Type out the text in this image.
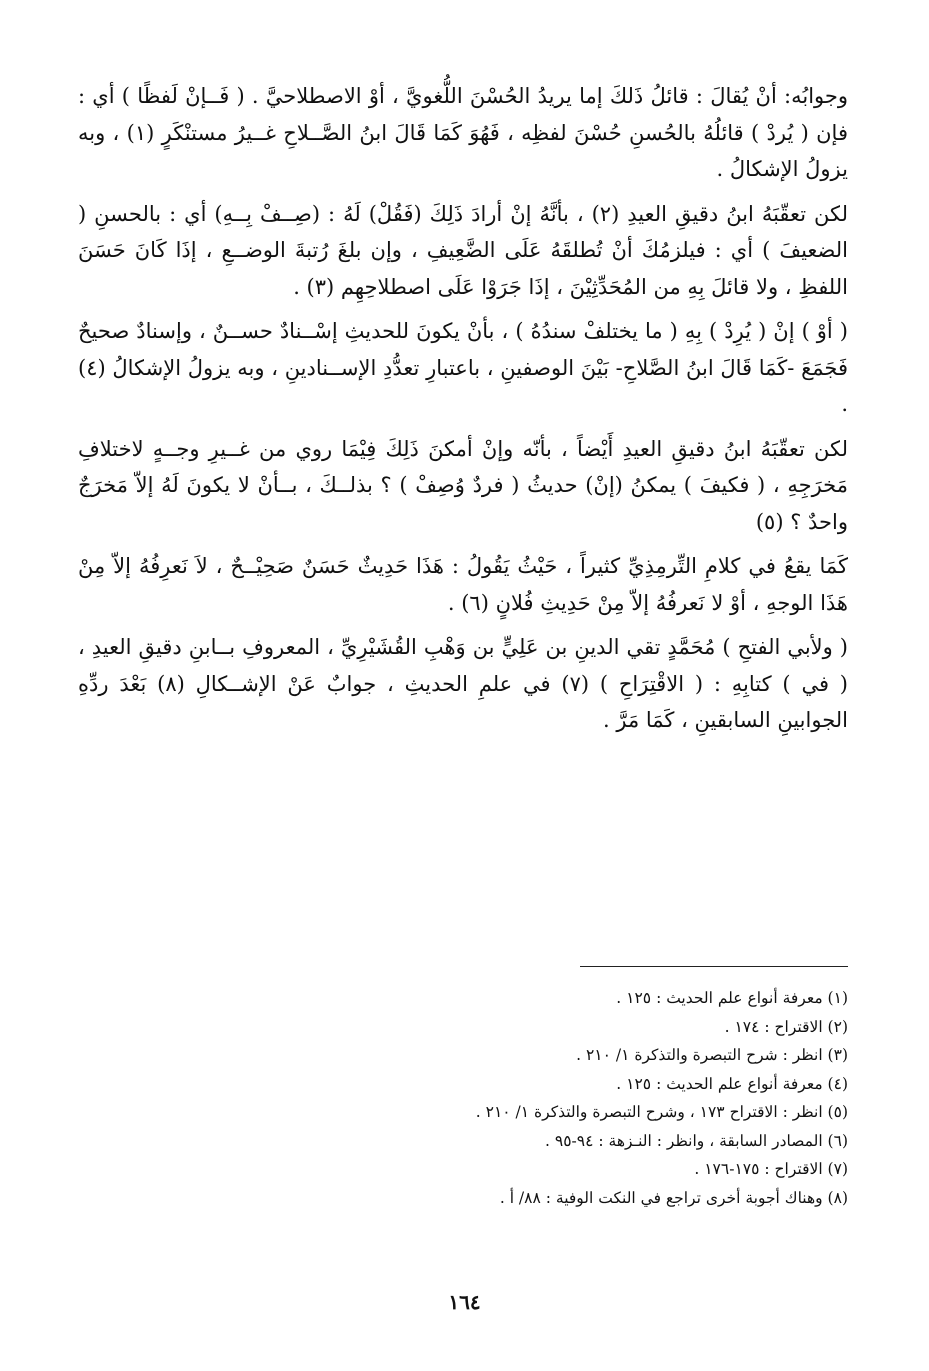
وجوابُه: أنْ يُقالَ : قائلُ ذَلكَ إما يريدُ الحُسْنَ اللُّغويَّ ، أوْ الاصطلاحيَّ . ( فَــإنْ لَفظًا ) أي : فإن ( يُردْ ) قائلُهُ بالحُسنِ حُسْنَ لفظِه ، فَهُوَ كَمَا قَالَ ابنُ الصَّــلاحِ غــيرُ مستنْكَرٍ (١) ، وبه يزولُ الإشكالُ .

لكن تعقّبَهُ ابنُ دقيقِ العيدِ (٢) ، بأنَّهُ إنْ أرادَ ذَلِكَ (فَقُلْ) لَهُ : (صِــفْ بِــهِ) أي : بالحسنِ ( الضعيفَ ) أي : فيلزمُكَ أنْ تُطلقَهُ عَلَى الضَّعِيفِ ، وإن بلغَ رُتبةَ الوضــعِ ، إذَا كَانَ حَسَنَ اللفظِ ، ولا قائلَ بِهِ من المُحَدِّثِيْنَ ، إذَا جَرَوْا عَلَى اصطلاحِهِم (٣) .

( أوْ ) إنْ ( يُرِدْ ) بِهِ ( ما يختلفْ سندُهُ ) ، بأنْ يكونَ للحديثِ إسْــنادٌ حســنٌ ، وإسنادٌ صحيحٌ فَجَمَعَ -كَمَا قَالَ ابنُ الصَّلاحِ- بَيْنَ الوصفينِ ، باعتبارِ تعدُّدِ الإســنادينِ ، وبه يزولُ الإشكالُ (٤) .

لكن تعقّبَهُ ابنُ دقيقِ العيدِ أَيْضاً ، بأنّه وإنْ أمكنَ ذَلِكَ فِيْمَا روي من غــيرِ وجــهٍ لاختلافِ مَخرَجِهِ ، ( فكيفَ ) يمكنُ (إنْ) حديثُ ( فردٌ وُصِفْ ) ؟ بذلــكَ ، بــأنْ لا يكونَ لَهُ إلاّ مَخرَجٌ واحدٌ ؟ (٥)

كَمَا يقعُ في كلامِ التِّرمِذِيِّ كثيراً ، حَيْثُ يَقُولُ : هَذَا حَدِيثٌ حَسَنٌ صَحِيْــحٌ ، لاَ نَعرِفُهُ إلاّ مِنْ هَذَا الوجهِ ، أوْ لا نَعرفُهُ إلاّ مِنْ حَدِيثِ فُلانٍ (٦) .

( ولأبي الفتحِ ) مُحَمَّدٍ تقي الدينِ بن عَلِيٍّ بن وَهْبِ القُشَيْرِيِّ ، المعروفِ بــابنِ دقيقِ العيدِ ، ( في ) كتابِهِ : ( الاقْتِرَاحِ ) (٧) في علمِ الحديثِ ، جوابٌ عَنْ الإشــكالِ (٨) بَعْدَ ردِّهِ الجوابينِ السابقينِ ، كَمَا مَرَّ .

(١) معرفة أنواع علم الحديث : ١٢٥ .
(٢) الاقتراح : ١٧٤ .
(٣) انظر : شرح التبصرة والتذكرة ١/ ٢١٠ .
(٤) معرفة أنواع علم الحديث : ١٢٥ .
(٥) انظر : الاقتراح ١٧٣ ، وشرح التبصرة والتذكرة ١/ ٢١٠ .
(٦) المصادر السابقة ، وانظر : النـزهة : ٩٤-٩٥ .
(٧) الاقتراح : ١٧٥-١٧٦ .
(٨) وهناك أجوبة أخرى تراجع في النكت الوفية : ٨٨/ أ .
١٦٤
